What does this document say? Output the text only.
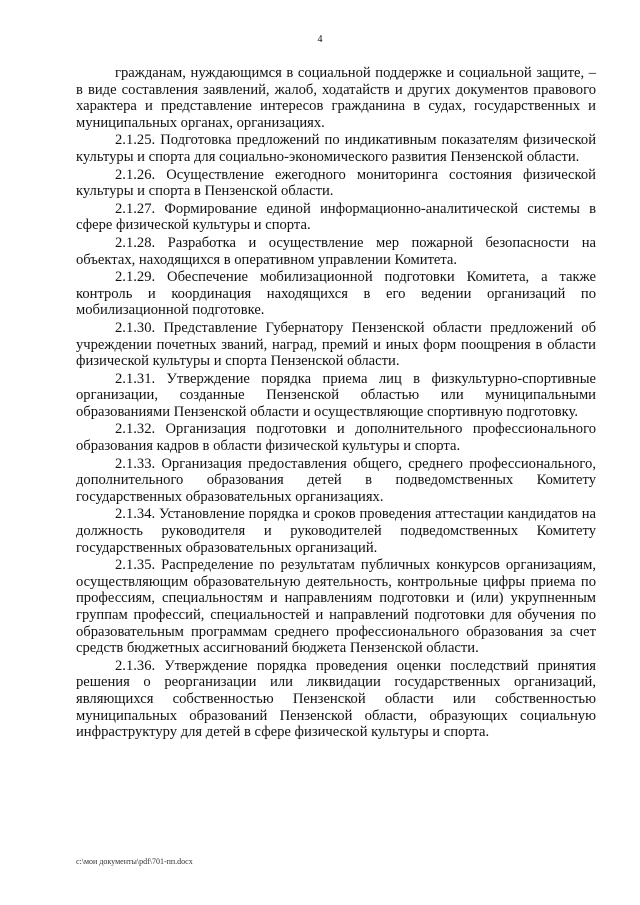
4

гражданам, нуждающимся в социальной поддержке и социальной защите, – в виде составления заявлений, жалоб, ходатайств и других документов правового характера и представление интересов гражданина в судах, государственных и муниципальных органах, организациях.

2.1.25. Подготовка предложений по индикативным показателям физической культуры и спорта для социально-экономического развития Пензенской области.

2.1.26. Осуществление ежегодного мониторинга состояния физической культуры и спорта в Пензенской области.

2.1.27. Формирование единой информационно-аналитической системы в сфере физической культуры и спорта.

2.1.28. Разработка и осуществление мер пожарной безопасности на объектах, находящихся в оперативном управлении Комитета.

2.1.29. Обеспечение мобилизационной подготовки Комитета, а также контроль и координация находящихся в его ведении организаций по мобилизационной подготовке.

2.1.30. Представление Губернатору Пензенской области предложений об учреждении почетных званий, наград, премий и иных форм поощрения в области физической культуры и спорта Пензенской области.

2.1.31. Утверждение порядка приема лиц в физкультурно-спортивные организации, созданные Пензенской областью или муниципальными образованиями Пензенской области и осуществляющие спортивную подготовку.

2.1.32. Организация подготовки и дополнительного профессионального образования кадров в области физической культуры и спорта.

2.1.33. Организация предоставления общего, среднего профессионального, дополнительного образования детей в подведомственных Комитету государственных образовательных организациях.

2.1.34. Установление порядка и сроков проведения аттестации кандидатов на должность руководителя и руководителей подведомственных Комитету государственных образовательных организаций.

2.1.35. Распределение по результатам публичных конкурсов организациям, осуществляющим образовательную деятельность, контрольные цифры приема по профессиям, специальностям и направлениям подготовки и (или) укрупненным группам профессий, специальностей и направлений подготовки для обучения по образовательным программам среднего профессионального образования за счет средств бюджетных ассигнований бюджета Пензенской области.

2.1.36. Утверждение порядка проведения оценки последствий принятия решения о реорганизации или ликвидации государственных организаций, являющихся собственностью Пензенской области или собственностью муниципальных образований Пензенской области, образующих социальную инфраструктуру для детей в сфере физической культуры и спорта.

c:\мои документы\pdf\701-пп.docx
